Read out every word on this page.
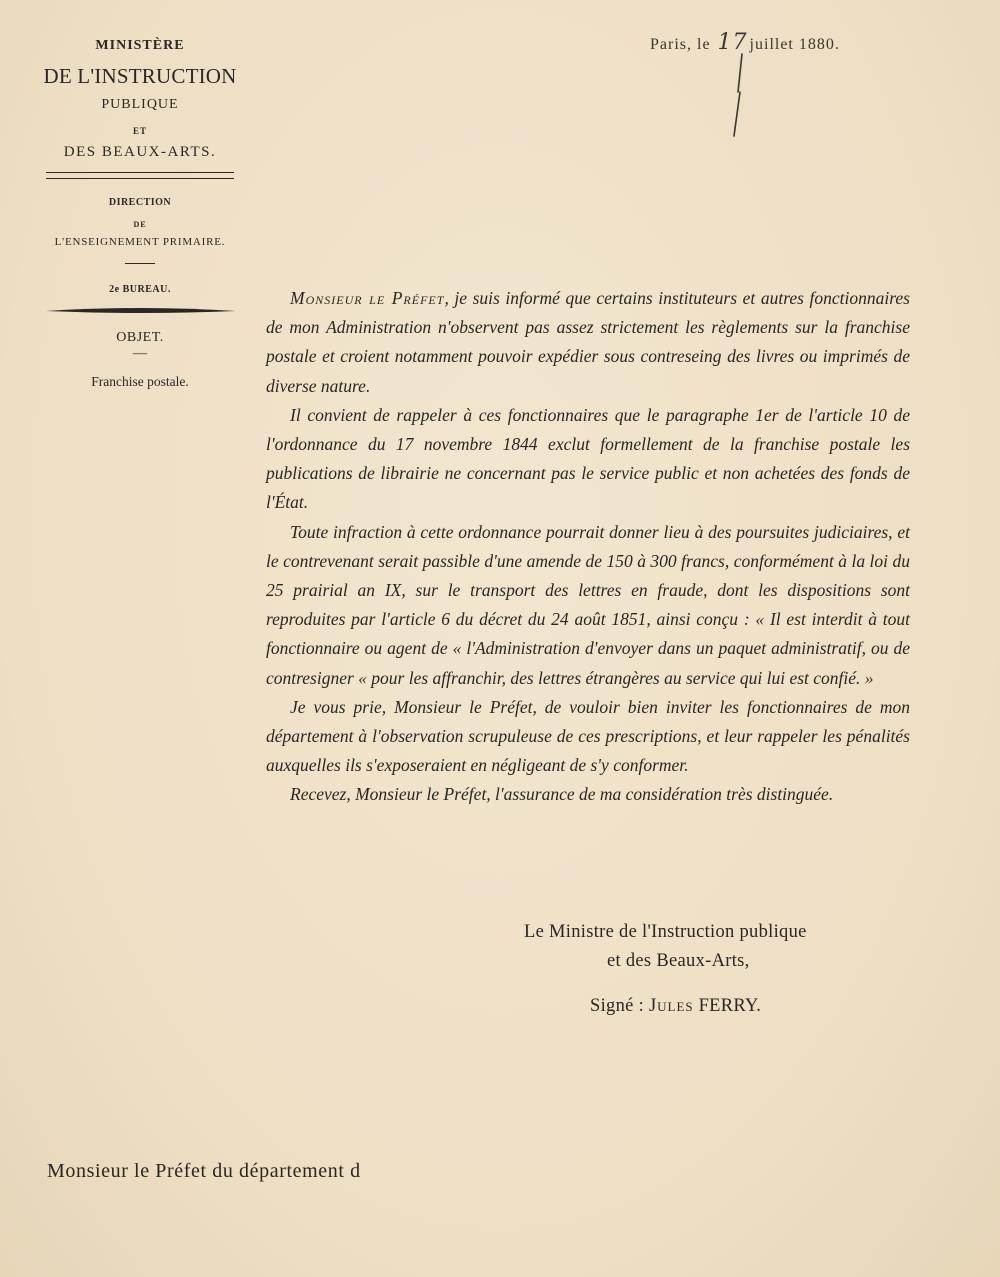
MINISTÈRE
DE L'INSTRUCTION
PUBLIQUE
ET
DES BEAUX-ARTS.
DIRECTION
DE
L'ENSEIGNEMENT PRIMAIRE.
2e BUREAU.
OBJET.
—
Franchise postale.
Paris, le 17 juillet 1880.

Monsieur le Préfet, je suis informé que certains instituteurs et autres fonctionnaires de mon Administration n'observent pas assez strictement les règlements sur la franchise postale et croient notamment pouvoir expédier sous contreseing des livres ou imprimés de diverse nature.

Il convient de rappeler à ces fonctionnaires que le paragraphe 1er de l'article 10 de l'ordonnance du 17 novembre 1844 exclut formellement de la franchise postale les publications de librairie ne concernant pas le service public et non achetées des fonds de l'État.

Toute infraction à cette ordonnance pourrait donner lieu à des poursuites judiciaires, et le contrevenant serait passible d'une amende de 150 à 300 francs, conformément à la loi du 25 prairial an IX, sur le transport des lettres en fraude, dont les dispositions sont reproduites par l'article 6 du décret du 24 août 1851, ainsi conçu : « Il est interdit à tout fonctionnaire ou agent de « l'Administration d'envoyer dans un paquet administratif, ou de contresigner « pour les affranchir, des lettres étrangères au service qui lui est confié. »

Je vous prie, Monsieur le Préfet, de vouloir bien inviter les fonctionnaires de mon département à l'observation scrupuleuse de ces prescriptions, et leur rappeler les pénalités auxquelles ils s'exposeraient en négligeant de s'y conformer.

Recevez, Monsieur le Préfet, l'assurance de ma considération très distinguée.

Le Ministre de l'Instruction publique
et des Beaux-Arts,
Signé : Jules FERRY.
Monsieur le Préfet du département d
